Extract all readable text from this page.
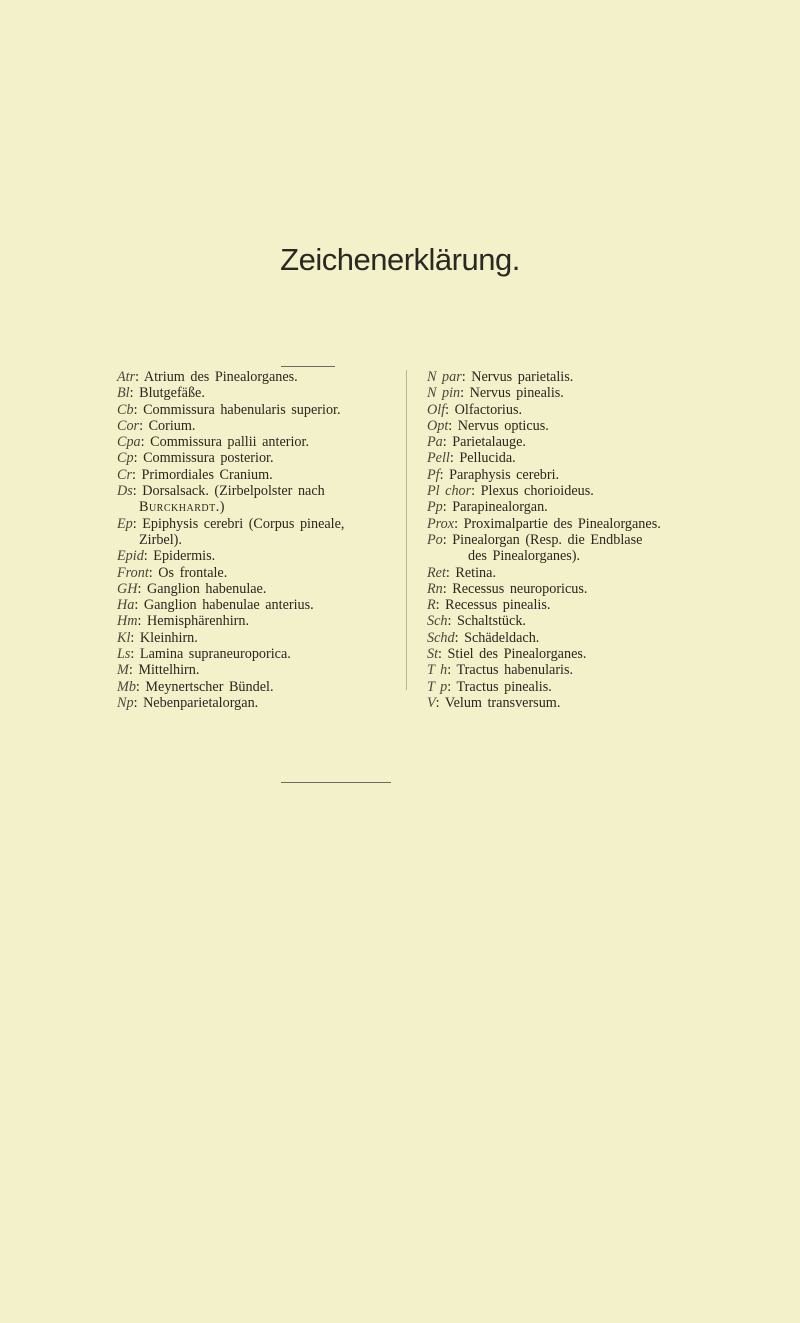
Zeichenerklärung.
Atr: Atrium des Pinealorganes.
Bl: Blutgefäße.
Cb: Commissura habenularis superior.
Cor: Corium.
Cpa: Commissura pallii anterior.
Cp: Commissura posterior.
Cr: Primordiales Cranium.
Ds: Dorsalsack. (Zirbelpolster nach
Burckhardt.)
Ep: Epiphysis cerebri (Corpus pineale,
Zirbel).
Epid: Epidermis.
Front: Os frontale.
GH: Ganglion habenulae.
Ha: Ganglion habenulae anterius.
Hm: Hemisphärenhirn.
Kl: Kleinhirn.
Ls: Lamina supraneuroporica.
M: Mittelhirn.
Mb: Meynertscher Bündel.
Np: Nebenparietalorgan.
N par: Nervus parietalis.
N pin: Nervus pinealis.
Olf: Olfactorius.
Opt: Nervus opticus.
Pa: Parietalauge.
Pell: Pellucida.
Pf: Paraphysis cerebri.
Pl chor: Plexus chorioideus.
Pp: Parapinealorgan.
Prox: Proximalpartie des Pinealorganes.
Po: Pinealorgan (Resp. die Endblase
des Pinealorganes).
Ret: Retina.
Rn: Recessus neuroporicus.
R: Recessus pinealis.
Sch: Schaltstück.
Schd: Schädeldach.
St: Stiel des Pinealorganes.
T h: Tractus habenularis.
T p: Tractus pinealis.
V: Velum transversum.
